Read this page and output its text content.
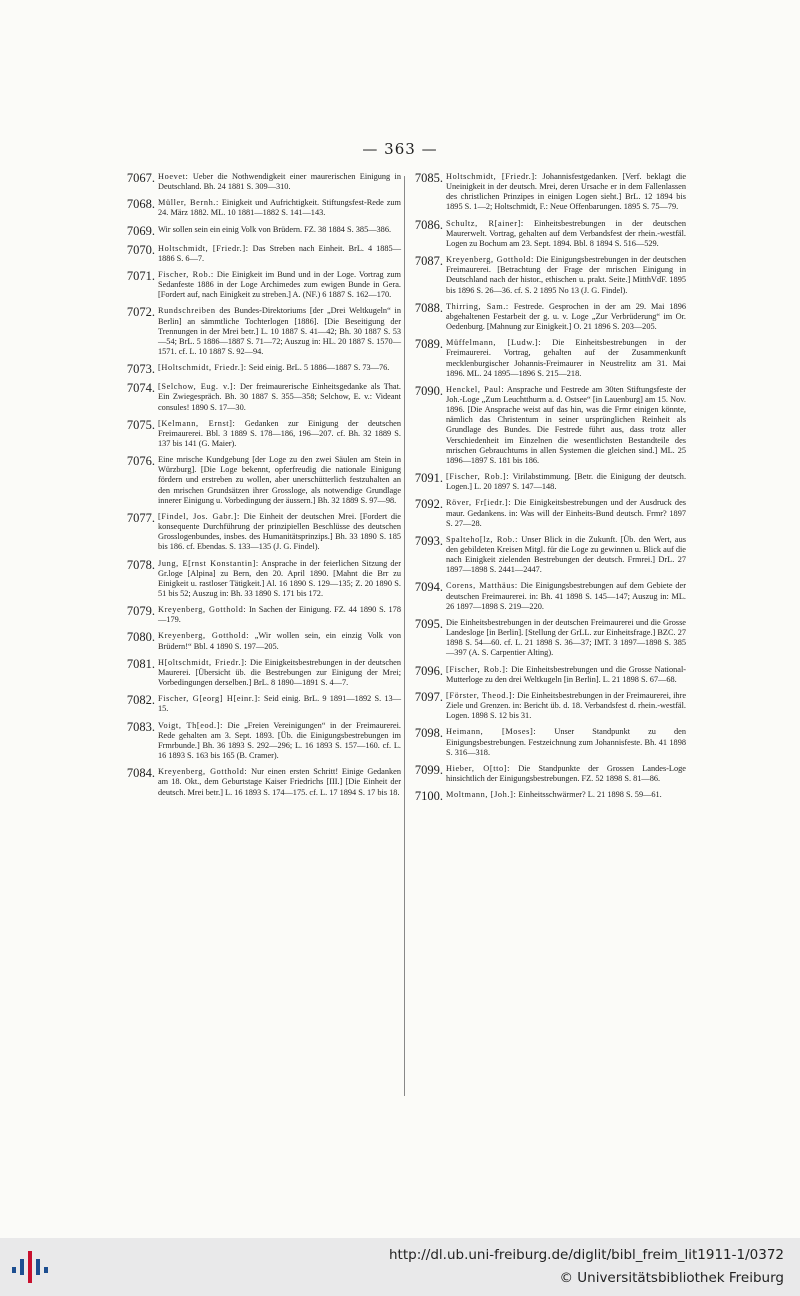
— 363 —
7067. Hoevet: Ueber die Nothwendigkeit einer maurerischen Einigung in Deutschland. Bh. 24 1881 S. 309—310.
7068. Müller, Bernh.: Einigkeit und Aufrichtigkeit. Stiftungsfest-Rede zum 24. März 1882. ML. 10 1881—1882 S. 141—143.
7069. Wir sollen sein ein einig Volk von Brüdern. FZ. 38 1884 S. 385—386.
7070. Holtschmidt, [Friedr.]: Das Streben nach Einheit. BrL. 4 1885—1886 S. 6—7.
7071. Fischer, Rob.: Die Einigkeit im Bund und in der Loge. Vortrag zum Sedanfeste 1886 in der Loge Archimedes zum ewigen Bunde in Gera. [Fordert auf, nach Einigkeit zu streben.] A. (NF.) 6 1887 S. 162—170.
7072. Rundschreiben des Bundes-Direktoriums [der „Drei Weltkugeln“ in Berlin] an sämmtliche Tochterlogen [1886]. [Die Beseitigung der Trennungen in der Mrei betr.] L. 10 1887 S. 41—42; Bh. 30 1887 S. 53—54; BrL. 5 1886—1887 S. 71—72; Auszug in: HL. 20 1887 S. 1570—1571. cf. L. 10 1887 S. 92—94.
7073. [Holtschmidt, Friedr.]: Seid einig. BrL. 5 1886—1887 S. 73—76.
7074. [Selchow, Eug. v.]: Der freimaurerische Einheitsgedanke als That. Ein Zwiegespräch. Bh. 30 1887 S. 355—358; Selchow, E. v.: Videant consules! 1890 S. 17—30.
7075. [Kelmann, Ernst]: Gedanken zur Einigung der deutschen Freimaurerei. Bbl. 3 1889 S. 178—186, 196—207. cf. Bh. 32 1889 S. 137 bis 141 (G. Maier).
7076. Eine mrische Kundgebung [der Loge zu den zwei Säulen am Stein in Würzburg]. [Die Loge bekennt, opferfreudig die nationale Einigung fördern und erstreben zu wollen, aber unerschütterlich festzuhalten an den mrischen Grundsätzen ihrer Grossloge, als notwendige Grundlage innerer Einigung u. Vorbedingung der äussern.] Bh. 32 1889 S. 97—98.
7077. [Findel, Jos. Gabr.]: Die Einheit der deutschen Mrei. [Fordert die konsequente Durchführung der prinzipiellen Beschlüsse des deutschen Grosslogenbundes, insbes. des Humanitätsprinzips.] Bh. 33 1890 S. 185 bis 186. cf. Ebendas. S. 133—135 (J. G. Findel).
7078. Jung, E[rnst Konstantin]: Ansprache in der feierlichen Sitzung der Gr.loge [Alpina] zu Bern, den 20. April 1890. [Mahnt die Brr zu Einigkeit u. rastloser Tätigkeit.] Al. 16 1890 S. 129—135; Z. 20 1890 S. 51 bis 52; Auszug in: Bh. 33 1890 S. 171 bis 172.
7079. Kreyenberg, Gotthold: In Sachen der Einigung. FZ. 44 1890 S. 178—179.
7080. Kreyenberg, Gotthold: „Wir wollen sein, ein einzig Volk von Brüdern!“ Bbl. 4 1890 S. 197—205.
7081. H[oltschmidt, Friedr.]: Die Einigkeitsbestrebungen in der deutschen Maurerei. [Übersicht üb. die Bestrebungen zur Einigung der Mrei; Vorbedingungen derselben.] BrL. 8 1890—1891 S. 4—7.
7082. Fischer, G[eorg] H[einr.]: Seid einig. BrL. 9 1891—1892 S. 13—15.
7083. Voigt, Th[eod.]: Die „Freien Vereinigungen“ in der Freimaurerei. Rede gehalten am 3. Sept. 1893. [Üb. die Einigungsbestrebungen im Frmrbunde.] Bh. 36 1893 S. 292—296; L. 16 1893 S. 157—160. cf. L. 16 1893 S. 163 bis 165 (B. Cramer).
7084. Kreyenberg, Gotthold: Nur einen ersten Schritt! Einige Gedanken am 18. Okt., dem Geburtstage Kaiser Friedrichs [III.] [Die Einheit der deutsch. Mrei betr.] L. 16 1893 S. 174—175. cf. L. 17 1894 S. 17 bis 18.
7085. Holtschmidt, [Friedr.]: Johannisfestgedanken. [Verf. beklagt die Uneinigkeit in der deutsch. Mrei, deren Ursache er in dem Fallenlassen des christlichen Prinzipes in einigen Logen sieht.] BrL. 12 1894 bis 1895 S. 1—2; Holtschmidt, F.: Neue Offenbarungen. 1895 S. 75—79.
7086. Schultz, R[ainer]: Einheitsbestrebungen in der deutschen Maurerwelt. Vortrag, gehalten auf dem Verbandsfest der rhein.-westfäl. Logen zu Bochum am 23. Sept. 1894. Bbl. 8 1894 S. 516—529.
7087. Kreyenberg, Gotthold: Die Einigungsbestrebungen in der deutschen Freimaurerei. [Betrachtung der Frage der mrischen Einigung in Deutschland nach der histor., ethischen u. prakt. Seite.] MitthVdF. 1895 bis 1896 S. 26—36. cf. S. 2 1895 No 13 (J. G. Findel).
7088. Thirring, Sam.: Festrede. Gesprochen in der am 29. Mai 1896 abgehaltenen Festarbeit der g. u. v. Loge „Zur Verbrüderung“ im Or. Oedenburg. [Mahnung zur Einigkeit.] O. 21 1896 S. 203—205.
7089. Müffelmann, [Ludw.]: Die Einheitsbestrebungen in der Freimaurerei. Vortrag, gehalten auf der Zusammenkunft mecklenburgischer Johannis-Freimaurer in Neustrelitz am 31. Mai 1896. ML. 24 1895—1896 S. 215—218.
7090. Henckel, Paul: Ansprache und Festrede am 30ten Stiftungsfeste der Joh.-Loge „Zum Leuchtthurm a. d. Ostsee“ [in Lauenburg] am 15. Nov. 1896. [Die Ansprache weist auf das hin, was die Frmr einigen könnte, nämlich das Christentum in seiner ursprünglichen Reinheit als Grundlage des Bundes. Die Festrede führt aus, dass trotz aller Verschiedenheit im Einzelnen die wesentlichsten Bestandteile des mrischen Gebrauchtums in allen Systemen die gleichen sind.] ML. 25 1896—1897 S. 181 bis 186.
7091. [Fischer, Rob.]: Virilabstimmung. [Betr. die Einigung der deutsch. Logen.] L. 20 1897 S. 147—148.
7092. Röver, Fr[iedr.]: Die Einigkeitsbestrebungen und der Ausdruck des maur. Gedankens. in: Was will der Einheits-Bund deutsch. Frmr? 1897 S. 27—28.
7093. Spalteho[lz, Rob.: Unser Blick in die Zukunft. [Üb. den Wert, aus den gebildeten Kreisen Mitgl. für die Loge zu gewinnen u. Blick auf die nach Einigkeit zielenden Bestrebungen der deutsch. Frmrei.] DrL. 27 1897—1898 S. 2441—2447.
7094. Corens, Matthäus: Die Einigungsbestrebungen auf dem Gebiete der deutschen Freimaurerei. in: Bh. 41 1898 S. 145—147; Auszug in: ML. 26 1897—1898 S. 219—220.
7095. Die Einheitsbestrebungen in der deutschen Freimaurerei und die Grosse Landesloge [in Berlin]. [Stellung der GrLL. zur Einheitsfrage.] BZC. 27 1898 S. 54—60. cf. L. 21 1898 S. 36—37; IMT. 3 1897—1898 S. 385—397 (A. S. Carpentier Alting).
7096. [Fischer, Rob.]: Die Einheitsbestrebungen und die Grosse National-Mutterloge zu den drei Weltkugeln [in Berlin]. L. 21 1898 S. 67—68.
7097. [Förster, Theod.]: Die Einheitsbestrebungen in der Freimaurerei, ihre Ziele und Grenzen. in: Bericht üb. d. 18. Verbandsfest d. rhein.-westfäl. Logen. 1898 S. 12 bis 31.
7098. Heimann, [Moses]: Unser Standpunkt zu den Einigungsbestrebungen. Festzeichnung zum Johannisfeste. Bh. 41 1898 S. 316—318.
7099. Hieber, O[tto]: Die Standpunkte der Grossen Landes-Loge hinsichtlich der Einigungsbestrebungen. FZ. 52 1898 S. 81—86.
7100. Moltmann, [Joh.]: Einheitsschwärmer? L. 21 1898 S. 59—61.
http://dl.ub.uni-freiburg.de/diglit/bibl_freim_lit1911-1/0372
© Universitätsbibliothek Freiburg
